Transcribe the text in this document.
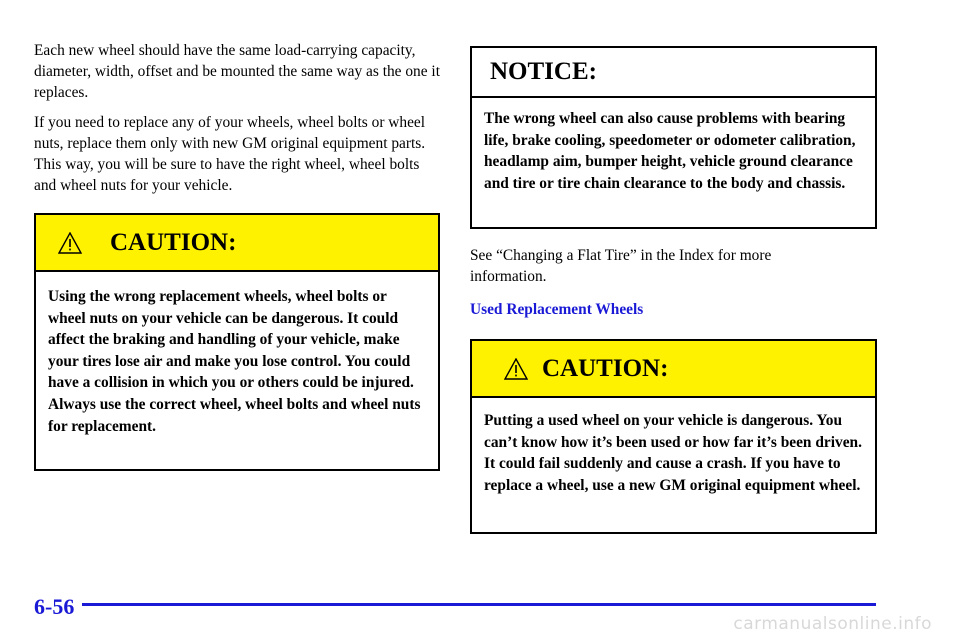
Each new wheel should have the same load-carrying capacity, diameter, width, offset and be mounted the same way as the one it replaces.

If you need to replace any of your wheels, wheel bolts or wheel nuts, replace them only with new GM original equipment parts. This way, you will be sure to have the right wheel, wheel bolts and wheel nuts for your vehicle.

CAUTION:
Using the wrong replacement wheels, wheel bolts or wheel nuts on your vehicle can be dangerous. It could affect the braking and handling of your vehicle, make your tires lose air and make you lose control. You could have a collision in which you or others could be injured. Always use the correct wheel, wheel bolts and wheel nuts for replacement.
NOTICE:
The wrong wheel can also cause problems with bearing life, brake cooling, speedometer or odometer calibration, headlamp aim, bumper height, vehicle ground clearance and tire or tire chain clearance to the body and chassis.

See “Changing a Flat Tire” in the Index for more information.

Used Replacement Wheels

CAUTION:
Putting a used wheel on your vehicle is dangerous. You can’t know how it’s been used or how far it’s been driven. It could fail suddenly and cause a crash. If you have to replace a wheel, use a new GM original equipment wheel.
6-56
carmanualsonline.info
